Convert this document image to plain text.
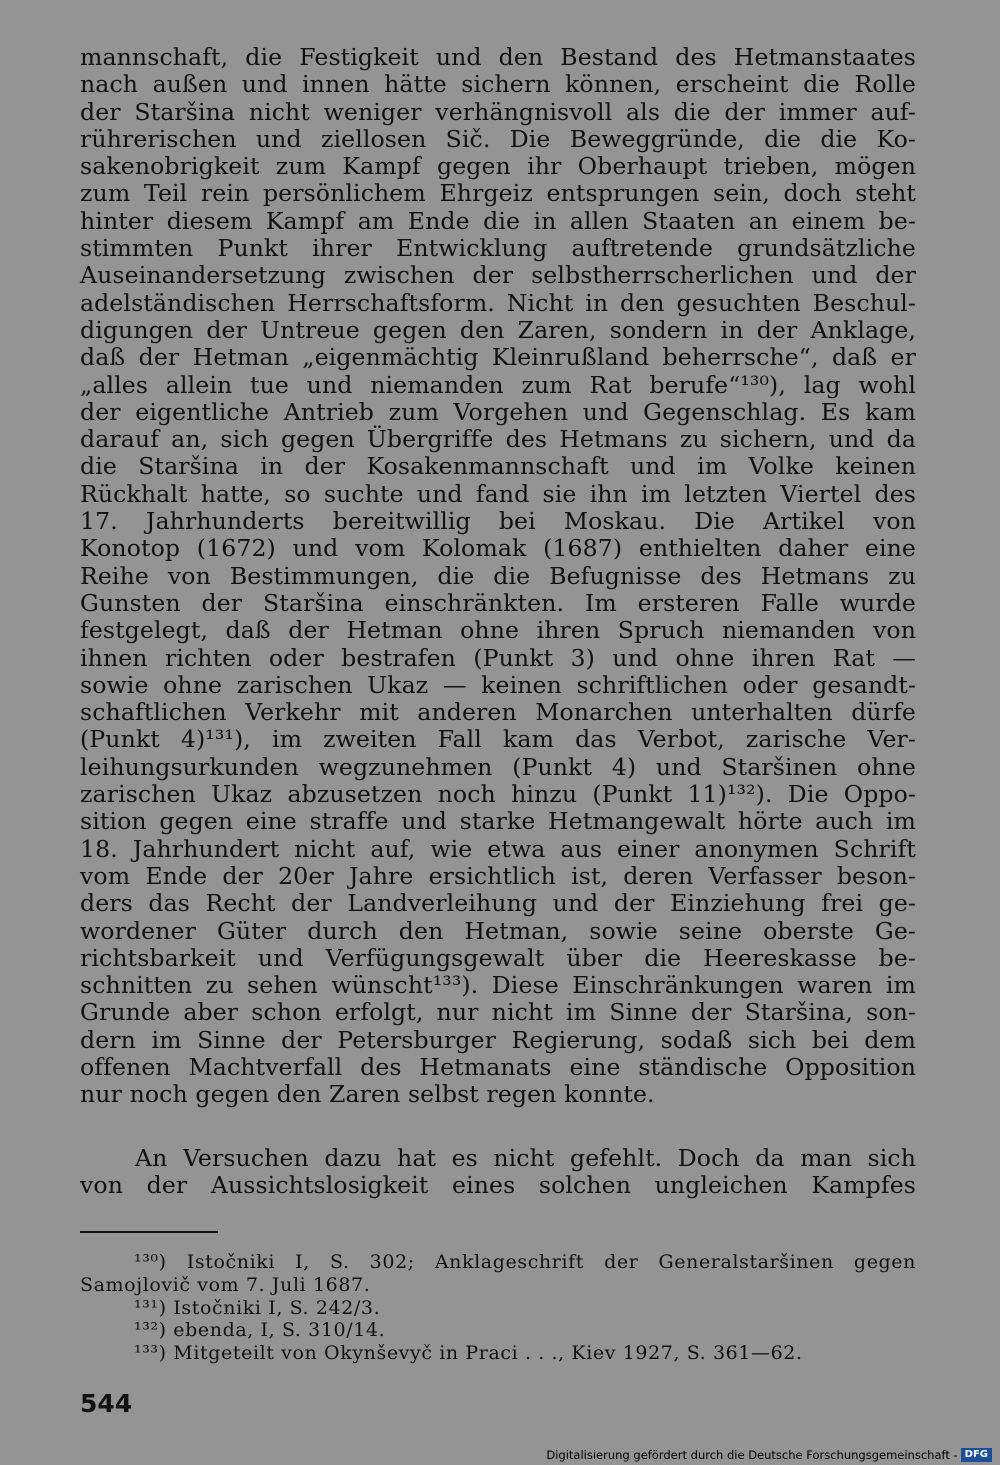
mannschaft, die Festigkeit und den Bestand des Hetmanstaates
nach außen und innen hätte sichern können, erscheint die Rolle
der Staršina nicht weniger verhängnisvoll als die der immer auf-
rührerischen und ziellosen Sič. Die Beweggründe, die die Ko-
sakenobrigkeit zum Kampf gegen ihr Oberhaupt trieben, mögen
zum Teil rein persönlichem Ehrgeiz entsprungen sein, doch steht
hinter diesem Kampf am Ende die in allen Staaten an einem be-
stimmten Punkt ihrer Entwicklung auftretende grundsätzliche
Auseinandersetzung zwischen der selbstherrscherlichen und der
adelständischen Herrschaftsform. Nicht in den gesuchten Beschul-
digungen der Untreue gegen den Zaren, sondern in der Anklage,
daß der Hetman „eigenmächtig Kleinrußland beherrsche“, daß er
„alles allein tue und niemanden zum Rat berufe“¹³⁰), lag wohl
der eigentliche Antrieb zum Vorgehen und Gegenschlag. Es kam
darauf an, sich gegen Übergriffe des Hetmans zu sichern, und da
die Staršina in der Kosakenmannschaft und im Volke keinen
Rückhalt hatte, so suchte und fand sie ihn im letzten Viertel des
17. Jahrhunderts bereitwillig bei Moskau. Die Artikel von
Konotop (1672) und vom Kolomak (1687) enthielten daher eine
Reihe von Bestimmungen, die die Befugnisse des Hetmans zu
Gunsten der Staršina einschränkten. Im ersteren Falle wurde
festgelegt, daß der Hetman ohne ihren Spruch niemanden von
ihnen richten oder bestrafen (Punkt 3) und ohne ihren Rat —
sowie ohne zarischen Ukaz — keinen schriftlichen oder gesandt-
schaftlichen Verkehr mit anderen Monarchen unterhalten dürfe
(Punkt 4)¹³¹), im zweiten Fall kam das Verbot, zarische Ver-
leihungsurkunden wegzunehmen (Punkt 4) und Staršinen ohne
zarischen Ukaz abzusetzen noch hinzu (Punkt 11)¹³²). Die Oppo-
sition gegen eine straffe und starke Hetmangewalt hörte auch im
18. Jahrhundert nicht auf, wie etwa aus einer anonymen Schrift
vom Ende der 20er Jahre ersichtlich ist, deren Verfasser beson-
ders das Recht der Landverleihung und der Einziehung frei ge-
wordener Güter durch den Hetman, sowie seine oberste Ge-
richtsbarkeit und Verfügungsgewalt über die Heereskasse be-
schnitten zu sehen wünscht¹³³). Diese Einschränkungen waren im
Grunde aber schon erfolgt, nur nicht im Sinne der Staršina, son-
dern im Sinne der Petersburger Regierung, sodaß sich bei dem
offenen Machtverfall des Hetmanats eine ständische Opposition
nur noch gegen den Zaren selbst regen konnte.
An Versuchen dazu hat es nicht gefehlt. Doch da man sich
von der Aussichtslosigkeit eines solchen ungleichen Kampfes
¹³⁰) Istočniki I, S. 302; Anklageschrift der Generalstaršinen gegen
Samojlovič vom 7. Juli 1687.
¹³¹) Istočniki I, S. 242/3.
¹³²) ebenda, I, S. 310/14.
¹³³) Mitgeteilt von Okynševyč in Praci . . ., Kiev 1927, S. 361—62.
544
Digitalisierung gefördert durch die Deutsche Forschungsgemeinschaft - DFG
